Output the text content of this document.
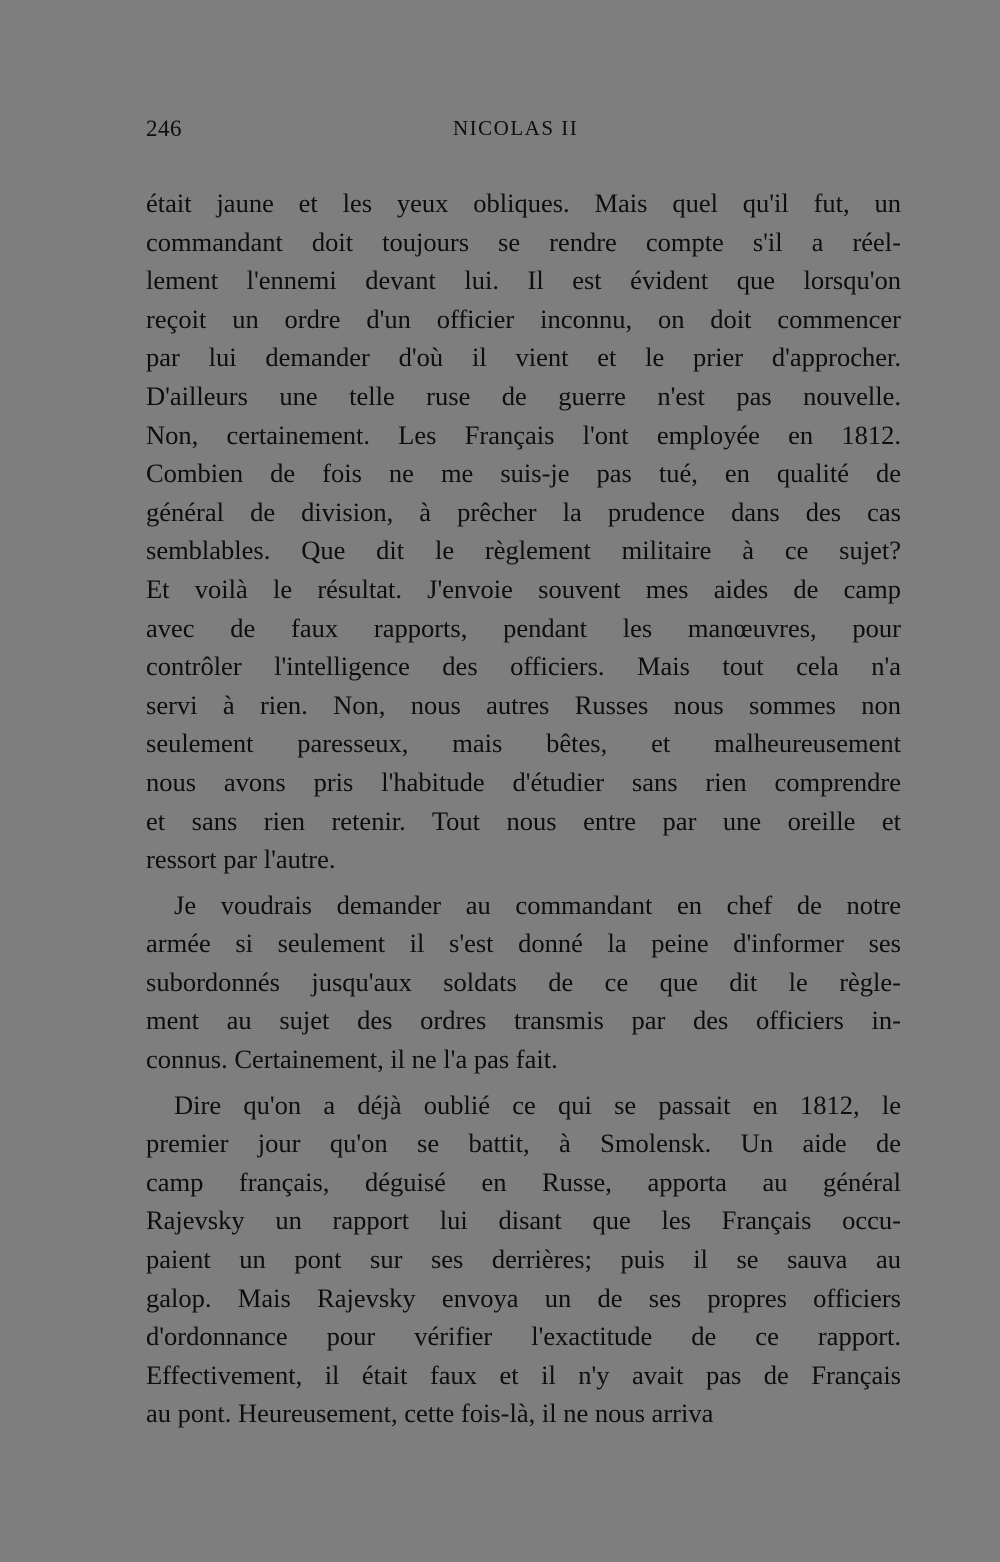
246	NICOLAS II
était jaune et les yeux obliques. Mais quel qu'il fut, un
commandant doit toujours se rendre compte s'il a réel-
lement l'ennemi devant lui. Il est évident que lorsqu'on
reçoit un ordre d'un officier inconnu, on doit commencer
par lui demander d'où il vient et le prier d'approcher.
D'ailleurs une telle ruse de guerre n'est pas nouvelle.
Non, certainement. Les Français l'ont employée en 1812.
Combien de fois ne me suis-je pas tué, en qualité de
général de division, à prêcher la prudence dans des cas
semblables. Que dit le règlement militaire à ce sujet?
Et voilà le résultat. J'envoie souvent mes aides de camp
avec de faux rapports, pendant les manœuvres, pour
contrôler l'intelligence des officiers. Mais tout cela n'a
servi à rien. Non, nous autres Russes nous sommes non
seulement paresseux, mais bêtes, et malheureusement
nous avons pris l'habitude d'étudier sans rien comprendre
et sans rien retenir. Tout nous entre par une oreille et
ressort par l'autre.
Je voudrais demander au commandant en chef de notre
armée si seulement il s'est donné la peine d'informer ses
subordonnés jusqu'aux soldats de ce que dit le règle-
ment au sujet des ordres transmis par des officiers in-
connus. Certainement, il ne l'a pas fait.
Dire qu'on a déjà oublié ce qui se passait en 1812, le
premier jour qu'on se battit, à Smolensk. Un aide de
camp français, déguisé en Russe, apporta au général
Rajevsky un rapport lui disant que les Français occu-
paient un pont sur ses derrières; puis il se sauva au
galop. Mais Rajevsky envoya un de ses propres officiers
d'ordonnance pour vérifier l'exactitude de ce rapport.
Effectivement, il était faux et il n'y avait pas de Français
au pont. Heureusement, cette fois-là, il ne nous arriva
